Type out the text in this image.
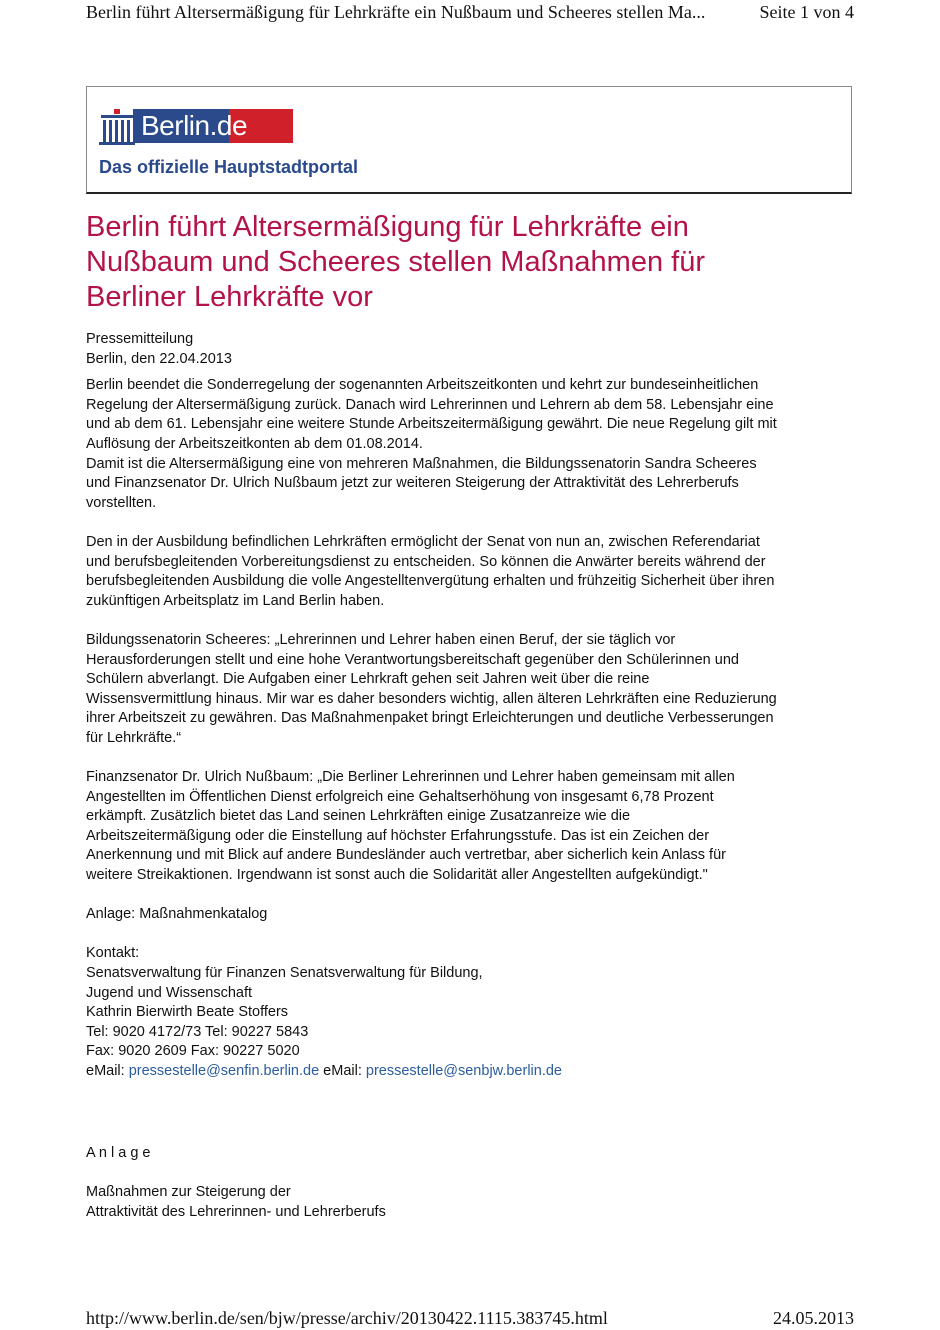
Berlin führt Altersermäßigung für Lehrkräfte ein Nußbaum und Scheeres stellen Ma...	Seite 1 von 4
Berlin.de
Das offizielle Hauptstadtportal
Berlin führt Altersermäßigung für Lehrkräfte ein
Nußbaum und Scheeres stellen Maßnahmen für
Berliner Lehrkräfte vor
Pressemitteilung
Berlin, den 22.04.2013
Berlin beendet die Sonderregelung der sogenannten Arbeitszeitkonten und kehrt zur bundeseinheitlichen
Regelung der Altersermäßigung zurück. Danach wird Lehrerinnen und Lehrern ab dem 58. Lebensjahr eine
und ab dem 61. Lebensjahr eine weitere Stunde Arbeitszeitermäßigung gewährt. Die neue Regelung gilt mit
Auflösung der Arbeitszeitkonten ab dem 01.08.2014.
Damit ist die Altersermäßigung eine von mehreren Maßnahmen, die Bildungssenatorin Sandra Scheeres
und Finanzsenator Dr. Ulrich Nußbaum jetzt zur weiteren Steigerung der Attraktivität des Lehrerberufs
vorstellten.
Den in der Ausbildung befindlichen Lehrkräften ermöglicht der Senat von nun an, zwischen Referendariat
und berufsbegleitenden Vorbereitungsdienst zu entscheiden. So können die Anwärter bereits während der
berufsbegleitenden Ausbildung die volle Angestelltenvergütung erhalten und frühzeitig Sicherheit über ihren
zukünftigen Arbeitsplatz im Land Berlin haben.
Bildungssenatorin Scheeres: „Lehrerinnen und Lehrer haben einen Beruf, der sie täglich vor
Herausforderungen stellt und eine hohe Verantwortungsbereitschaft gegenüber den Schülerinnen und
Schülern abverlangt. Die Aufgaben einer Lehrkraft gehen seit Jahren weit über die reine
Wissensvermittlung hinaus. Mir war es daher besonders wichtig, allen älteren Lehrkräften eine Reduzierung
ihrer Arbeitszeit zu gewähren. Das Maßnahmenpaket bringt Erleichterungen und deutliche Verbesserungen
für Lehrkräfte.“
Finanzsenator Dr. Ulrich Nußbaum: „Die Berliner Lehrerinnen und Lehrer haben gemeinsam mit allen
Angestellten im Öffentlichen Dienst erfolgreich eine Gehaltserhöhung von insgesamt 6,78 Prozent
erkämpft. Zusätzlich bietet das Land seinen Lehrkräften einige Zusatzanreize wie die
Arbeitszeitermäßigung oder die Einstellung auf höchster Erfahrungsstufe. Das ist ein Zeichen der
Anerkennung und mit Blick auf andere Bundesländer auch vertretbar, aber sicherlich kein Anlass für
weitere Streikaktionen. Irgendwann ist sonst auch die Solidarität aller Angestellten aufgekündigt."
Anlage: Maßnahmenkatalog
Kontakt:
Senatsverwaltung für Finanzen Senatsverwaltung für Bildung,
Jugend und Wissenschaft
Kathrin Bierwirth Beate Stoffers
Tel: 9020 4172/73 Tel: 90227 5843
Fax: 9020 2609 Fax: 90227 5020
eMail: pressestelle@senfin.berlin.de eMail: pressestelle@senbjw.berlin.de
A n l a g e
Maßnahmen zur Steigerung der
Attraktivität des Lehrerinnen- und Lehrerberufs
http://www.berlin.de/sen/bjw/presse/archiv/20130422.1115.383745.html	24.05.2013
